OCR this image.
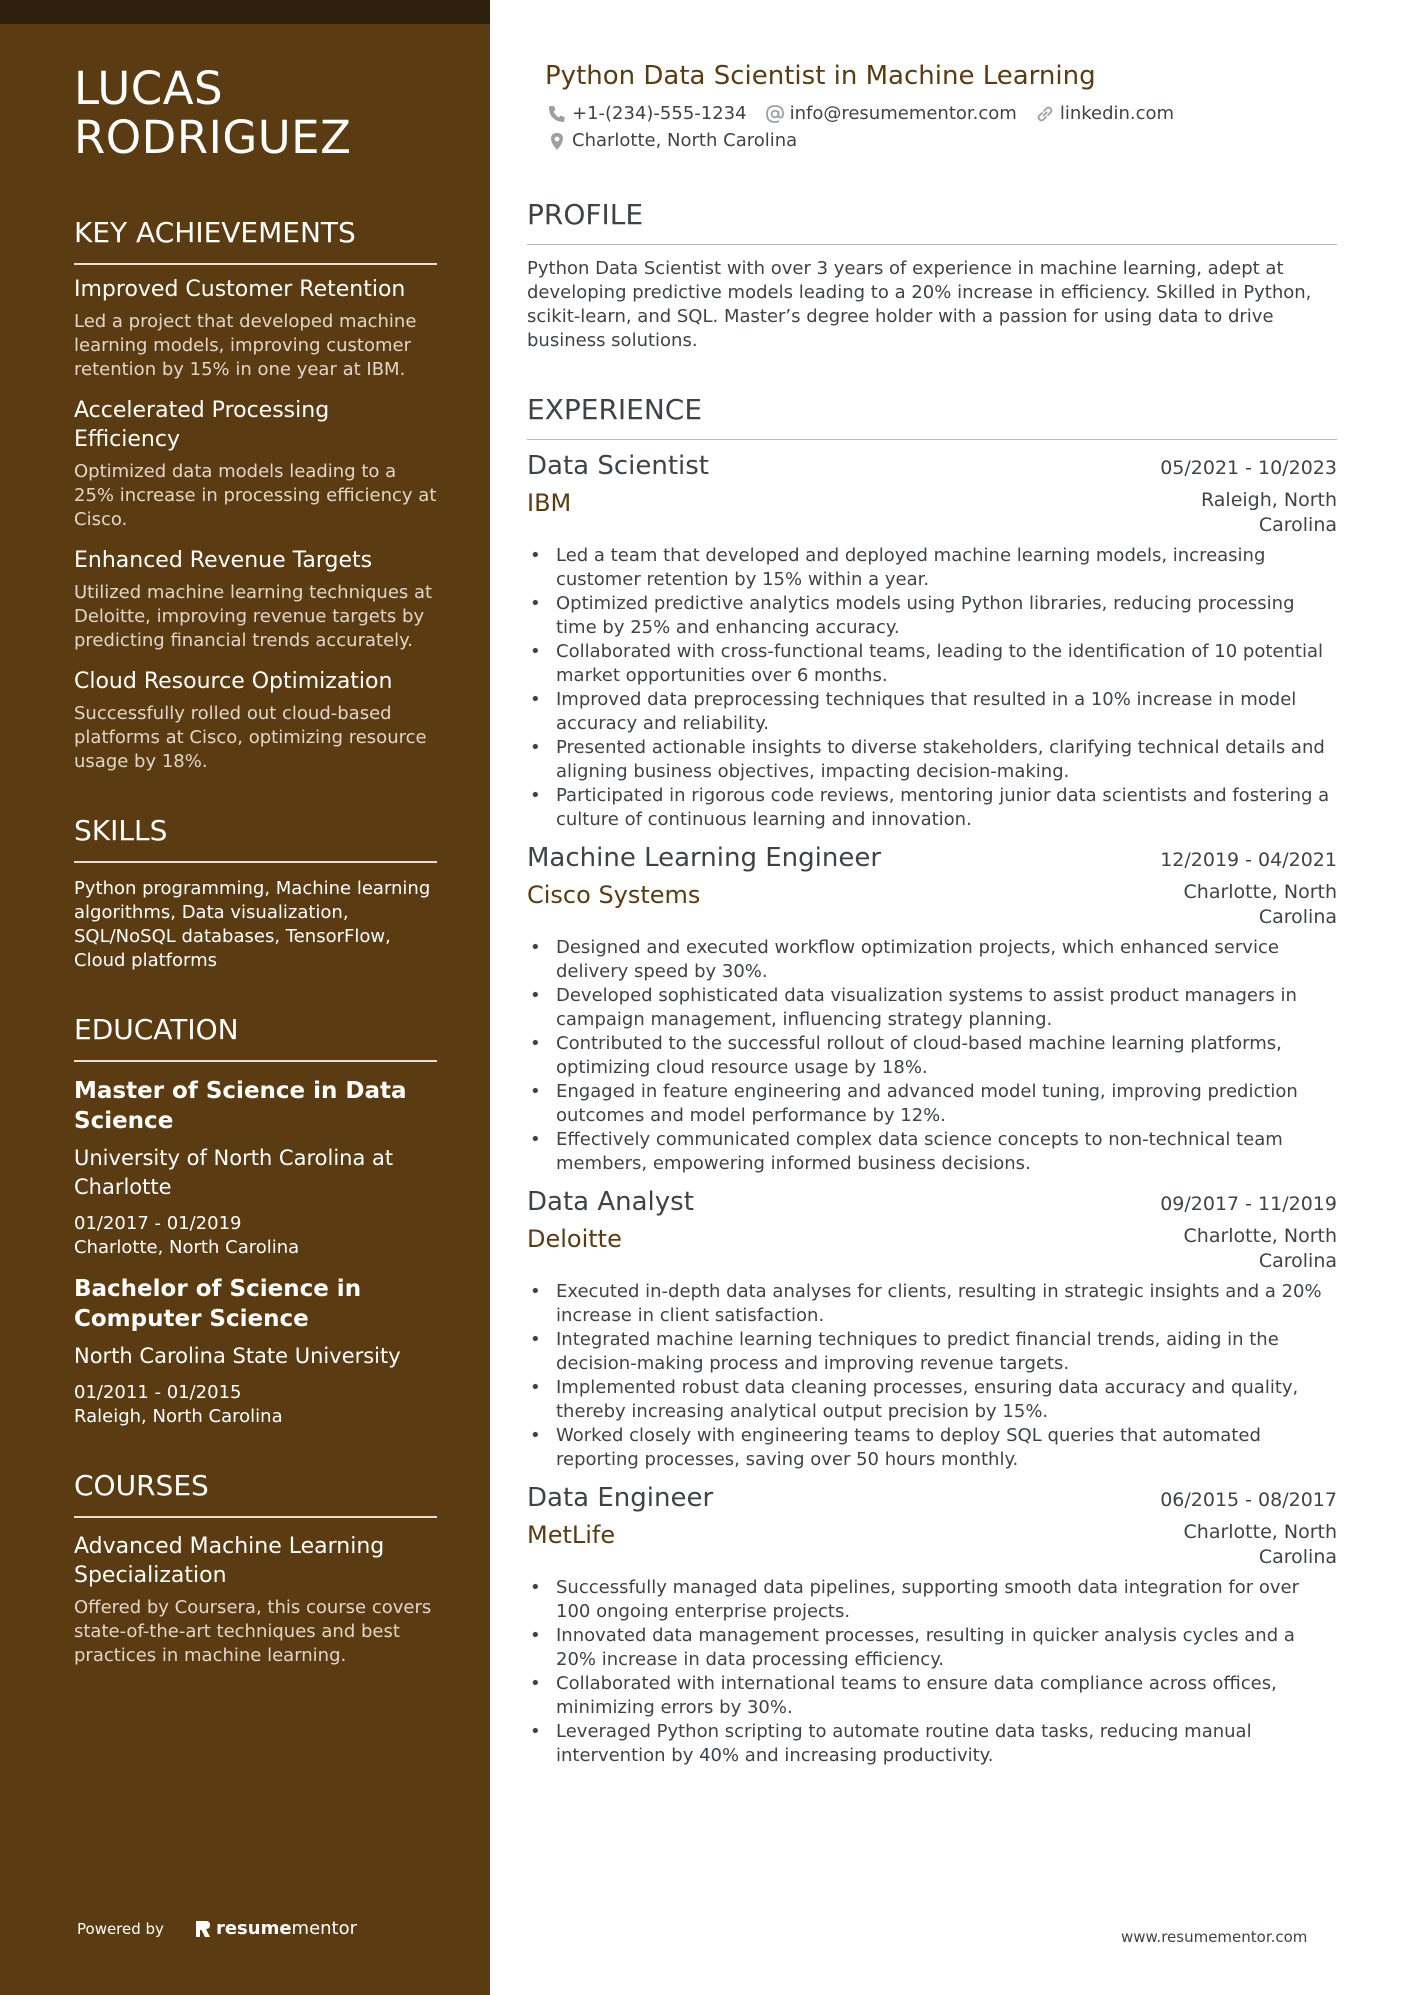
LUCAS
RODRIGUEZ
KEY ACHIEVEMENTS
Improved Customer Retention
Led a project that developed machine learning models, improving customer retention by 15% in one year at IBM.
Accelerated Processing Efficiency
Optimized data models leading to a 25% increase in processing efficiency at Cisco.
Enhanced Revenue Targets
Utilized machine learning techniques at Deloitte, improving revenue targets by predicting financial trends accurately.
Cloud Resource Optimization
Successfully rolled out cloud-based platforms at Cisco, optimizing resource usage by 18%.
SKILLS
Python programming, Machine learning algorithms, Data visualization, SQL/NoSQL databases, TensorFlow, Cloud platforms
EDUCATION
Master of Science in Data Science
University of North Carolina at Charlotte
01/2017 - 01/2019
Charlotte, North Carolina
Bachelor of Science in Computer Science
North Carolina State University
01/2011 - 01/2015
Raleigh, North Carolina
COURSES
Advanced Machine Learning Specialization
Offered by Coursera, this course covers state-of-the-art techniques and best practices in machine learning.
Powered by	resume mentor
Python Data Scientist in Machine Learning
+1-(234)-555-1234 info@resumementor.com linkedin.com
Charlotte, North Carolina
PROFILE
Python Data Scientist with over 3 years of experience in machine learning, adept at developing predictive models leading to a 20% increase in efficiency. Skilled in Python, scikit-learn, and SQL. Master’s degree holder with a passion for using data to drive business solutions.
EXPERIENCE
Data Scientist	05/2021 - 10/2023
IBM	Raleigh, North Carolina
• Led a team that developed and deployed machine learning models, increasing customer retention by 15% within a year.
• Optimized predictive analytics models using Python libraries, reducing processing time by 25% and enhancing accuracy.
• Collaborated with cross-functional teams, leading to the identification of 10 potential market opportunities over 6 months.
• Improved data preprocessing techniques that resulted in a 10% increase in model accuracy and reliability.
• Presented actionable insights to diverse stakeholders, clarifying technical details and aligning business objectives, impacting decision-making.
• Participated in rigorous code reviews, mentoring junior data scientists and fostering a culture of continuous learning and innovation.
Machine Learning Engineer	12/2019 - 04/2021
Cisco Systems	Charlotte, North Carolina
• Designed and executed workflow optimization projects, which enhanced service delivery speed by 30%.
• Developed sophisticated data visualization systems to assist product managers in campaign management, influencing strategy planning.
• Contributed to the successful rollout of cloud-based machine learning platforms, optimizing cloud resource usage by 18%.
• Engaged in feature engineering and advanced model tuning, improving prediction outcomes and model performance by 12%.
• Effectively communicated complex data science concepts to non-technical team members, empowering informed business decisions.
Data Analyst	09/2017 - 11/2019
Deloitte	Charlotte, North Carolina
• Executed in-depth data analyses for clients, resulting in strategic insights and a 20% increase in client satisfaction.
• Integrated machine learning techniques to predict financial trends, aiding in the decision-making process and improving revenue targets.
• Implemented robust data cleaning processes, ensuring data accuracy and quality, thereby increasing analytical output precision by 15%.
• Worked closely with engineering teams to deploy SQL queries that automated reporting processes, saving over 50 hours monthly.
Data Engineer	06/2015 - 08/2017
MetLife	Charlotte, North Carolina
• Successfully managed data pipelines, supporting smooth data integration for over 100 ongoing enterprise projects.
• Innovated data management processes, resulting in quicker analysis cycles and a 20% increase in data processing efficiency.
• Collaborated with international teams to ensure data compliance across offices, minimizing errors by 30%.
• Leveraged Python scripting to automate routine data tasks, reducing manual intervention by 40% and increasing productivity.
www.resumementor.com
